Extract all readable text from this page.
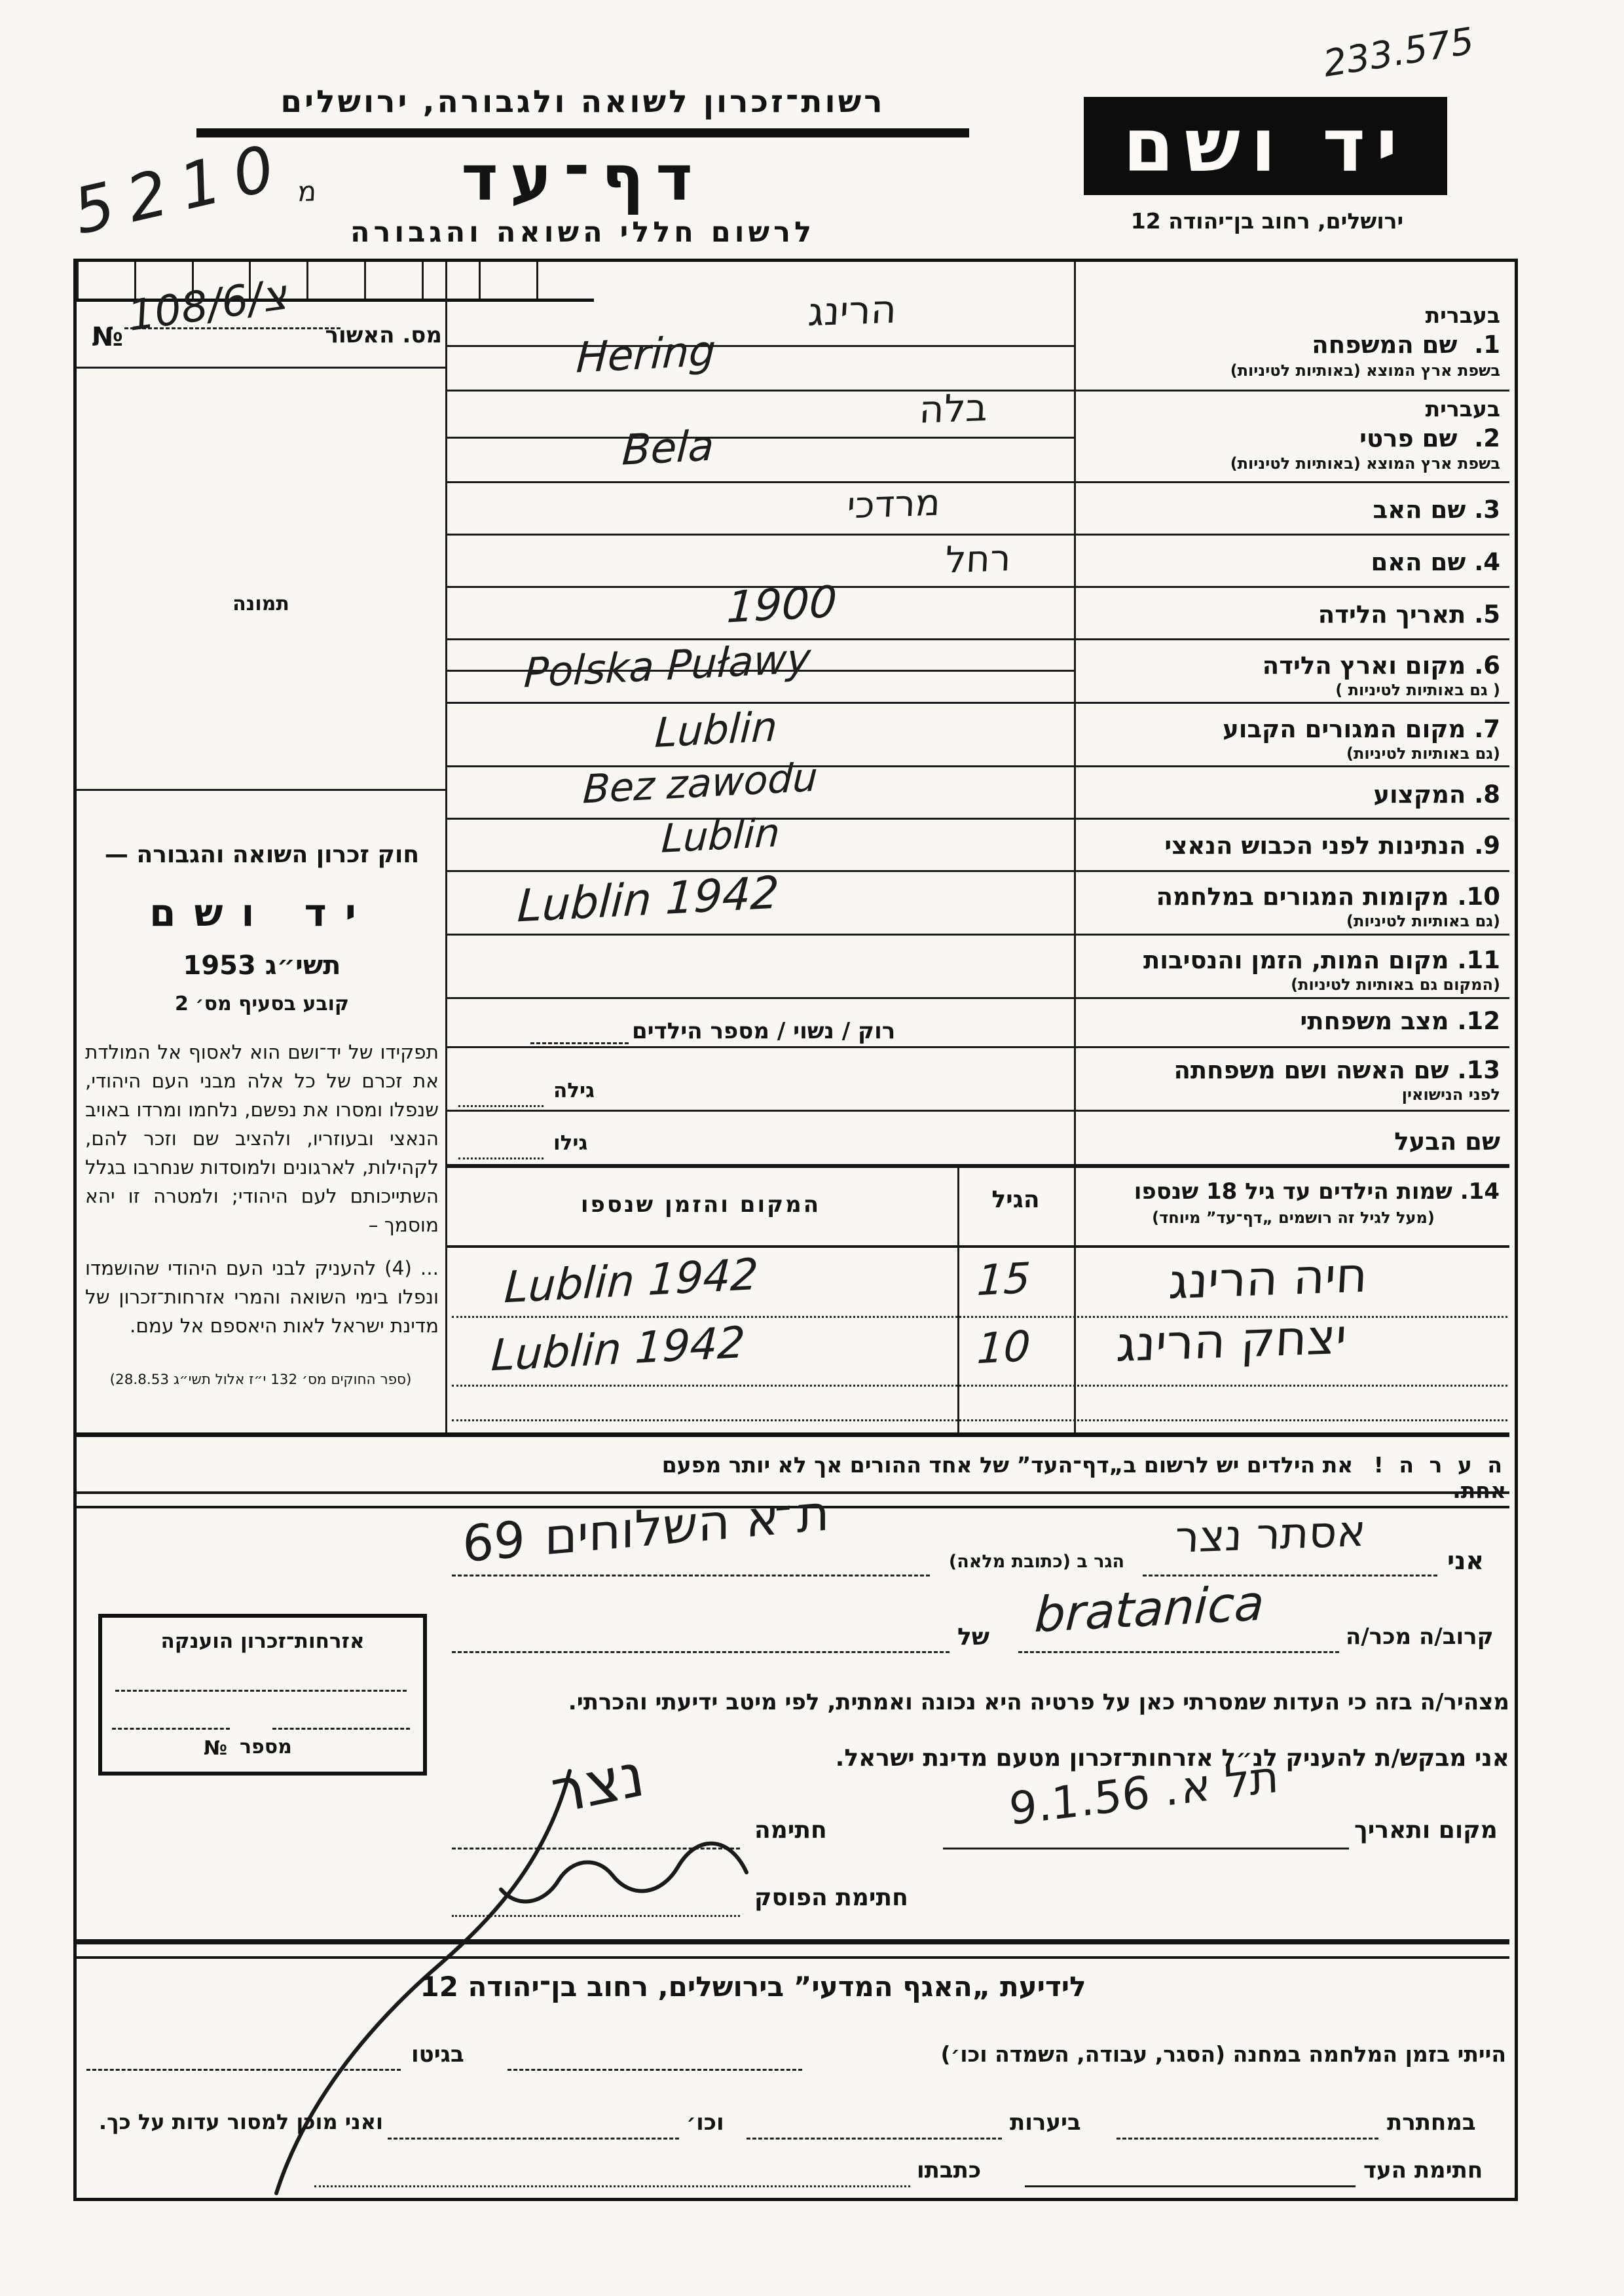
233.575
רשות־זכרון לשואה ולגבורה, ירושלים
דף־עד
לרשום חללי השואה והגבורה
יד ושם
ירושלים, רחוב בן־יהודה 12
5210
מ
מס. האשור
№ 108/6/צ
תמונה
חוק זכרון השואה והגבורה —
יד ושם
תשי״ג 1953
קובע בסעיף מס׳ 2
תפקידו של יד־ושם הוא לאסוף אל המולדת את זכרם של כל אלה מבני העם היהודי, שנפלו ומסרו את נפשם, נלחמו ומרדו באויב הנאצי ובעוזריו, ולהציב שם וזכר להם, לקהילות, לארגונים ולמוסדות שנחרבו בגלל השתייכותם לעם היהודי; ולמטרה זו יהא מוסמך –
... (4) להעניק לבני העם היהודי שהושמדו ונפלו בימי השואה והמרי אזרחות־זכרון של מדינת ישראל לאות היאספם אל עמם.
(ספר החוקים מס׳ 132 י״ז אלול תשי״ג 28.8.53)
אזרחות־זכרון הוענקה
מספר
№
בעברית
1.  שם המשפחה
בשפת ארץ המוצא (באותיות לטיניות)
בעברית
2.  שם פרטי
בשפת ארץ המוצא (באותיות לטיניות)
3. שם האב
4. שם האם
5. תאריך הלידה
6. מקום וארץ הלידה
( גם באותיות לטיניות )
7. מקום המגורים הקבוע
(גם באותיות לטיניות)
8. המקצוע
9. הנתינות לפני הכבוש הנאצי
10. מקומות המגורים במלחמה
(גם באותיות לטיניות)
11. מקום המות, הזמן והנסיבות
(המקום גם באותיות לטיניות)
12. מצב משפחתי
13. שם האשה ושם משפחתה
לפני הנישואין
שם הבעל
הרינג
Hering
בלה
Bela
מרדכי
רחל
1900
Polska Puławy
Lublin
Bez zawodu
Lublin
Lublin 1942
רוק / נשוי / מספר הילדים
גילה
גילו
14. שמות הילדים עד גיל 18 שנספו
(מעל לגיל זה רושמים „דף־עד” מיוחד)
הגיל
המקום והזמן שנספו
חיה הרינג
15
Lublin 1942
יצחק הרינג
10
Lublin 1942
ה ע ר ה !   את הילדים יש לרשום ב„דף־העד” של אחד ההורים אך לא יותר מפעם אחת.
אני
אסתר נצר
הגר ב (כתובת מלאה)
ת־א השלוחים 69
קרוב/ה מכר/ה
bratanica
של
מצהיר/ה בזה כי העדות שמסרתי כאן על פרטיה היא נכונה ואמתית, לפי מיטב ידיעתי והכרתי.
אני מבקש/ת להעניק לנ״ל אזרחות־זכרון מטעם מדינת ישראל.
מקום ותאריך
תל א. 9.1.56
חתימה
נצר
חתימת הפוסק
לידיעת „האגף המדעי” בירושלים, רחוב בן־יהודה 12
הייתי בזמן המלחמה במחנה (הסגר, עבודה, השמדה וכו׳)
בגיטו
במחתרת
ביערות
וכו׳
ואני מוכן למסור עדות על כך.
חתימת העד
כתבתו
